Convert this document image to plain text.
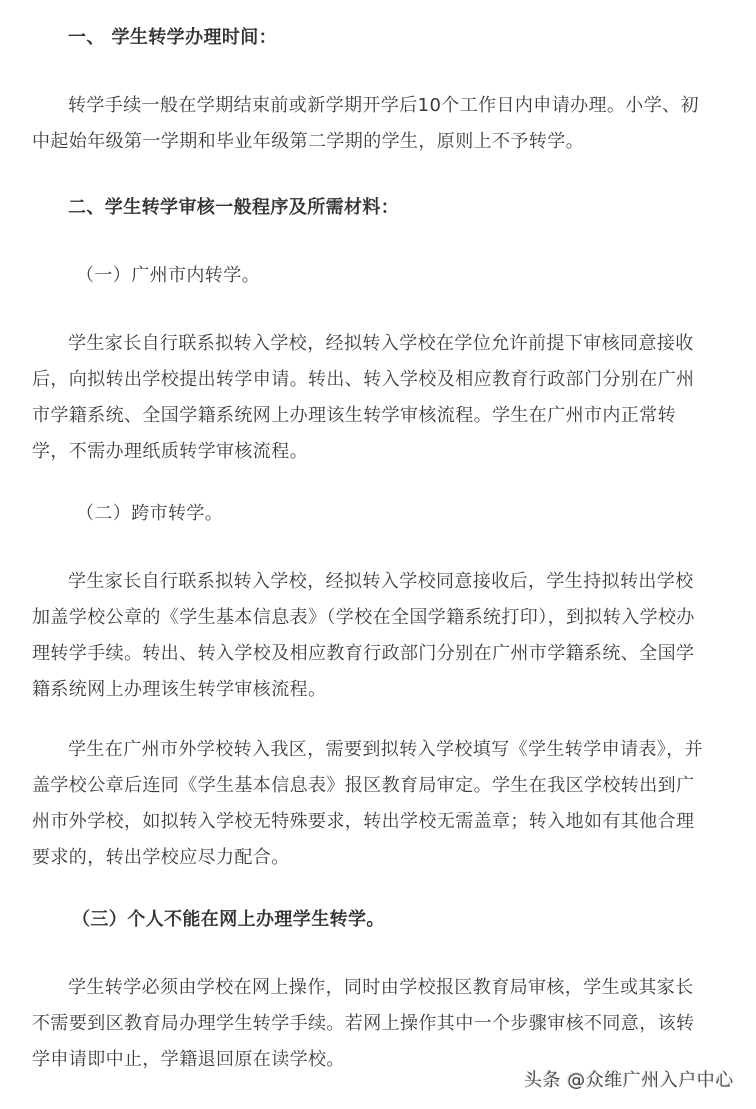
一、 学生转学办理时间：

转学手续一般在学期结束前或新学期开学后10个工作日内申请办理。小学、初中起始年级第一学期和毕业年级第二学期的学生，原则上不予转学。

二、学生转学审核一般程序及所需材料：

（一）广州市内转学。

学生家长自行联系拟转入学校，经拟转入学校在学位允许前提下审核同意接收后，向拟转出学校提出转学申请。转出、转入学校及相应教育行政部门分别在广州市学籍系统、全国学籍系统网上办理该生转学审核流程。学生在广州市内正常转学，不需办理纸质转学审核流程。

（二）跨市转学。

学生家长自行联系拟转入学校，经拟转入学校同意接收后，学生持拟转出学校加盖学校公章的《学生基本信息表》（学校在全国学籍系统打印），到拟转入学校办理转学手续。转出、转入学校及相应教育行政部门分别在广州市学籍系统、全国学籍系统网上办理该生转学审核流程。

学生在广州市外学校转入我区，需要到拟转入学校填写《学生转学申请表》，并盖学校公章后连同《学生基本信息表》报区教育局审定。学生在我区学校转出到广州市外学校，如拟转入学校无特殊要求，转出学校无需盖章；转入地如有其他合理要求的，转出学校应尽力配合。

（三）个人不能在网上办理学生转学。

学生转学必须由学校在网上操作，同时由学校报区教育局审核，学生或其家长不需要到区教育局办理学生转学手续。若网上操作其中一个步骤审核不同意，该转学申请即中止，学籍退回原在读学校。

头条 @众维广州入户中心
